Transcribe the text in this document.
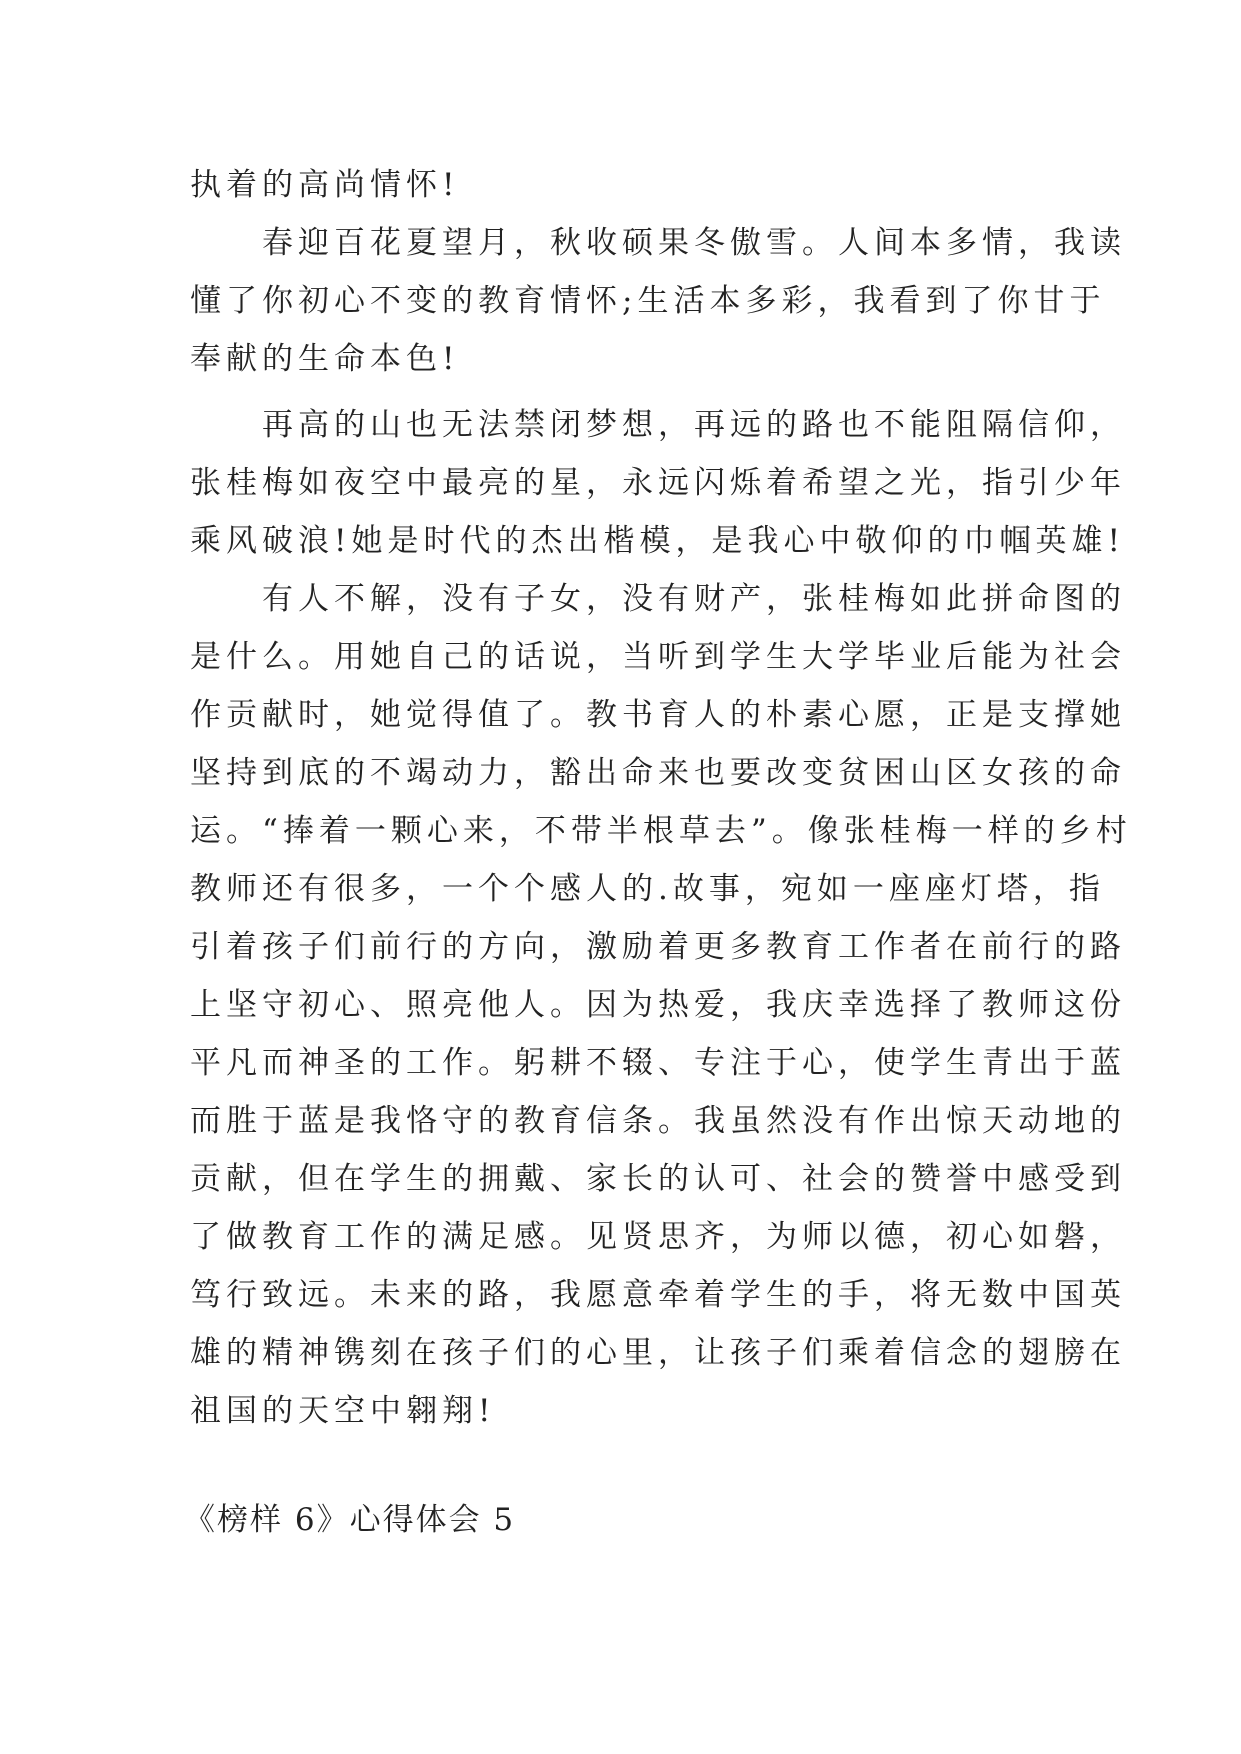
执着的高尚情怀!
　　春迎百花夏望月，秋收硕果冬傲雪。人间本多情，我读
懂了你初心不变的教育情怀;生活本多彩，我看到了你甘于
奉献的生命本色!
　　再高的山也无法禁闭梦想，再远的路也不能阻隔信仰，
张桂梅如夜空中最亮的星，永远闪烁着希望之光，指引少年
乘风破浪!她是时代的杰出楷模，是我心中敬仰的巾帼英雄!
　　有人不解，没有子女，没有财产，张桂梅如此拼命图的
是什么。用她自己的话说，当听到学生大学毕业后能为社会
作贡献时，她觉得值了。教书育人的朴素心愿，正是支撑她
坚持到底的不竭动力，豁出命来也要改变贫困山区女孩的命
运。“捧着一颗心来，不带半根草去”。像张桂梅一样的乡村
教师还有很多，一个个感人的.故事，宛如一座座灯塔，指
引着孩子们前行的方向，激励着更多教育工作者在前行的路
上坚守初心、照亮他人。因为热爱，我庆幸选择了教师这份
平凡而神圣的工作。躬耕不辍、专注于心，使学生青出于蓝
而胜于蓝是我恪守的教育信条。我虽然没有作出惊天动地的
贡献，但在学生的拥戴、家长的认可、社会的赞誉中感受到
了做教育工作的满足感。见贤思齐，为师以德，初心如磐，
笃行致远。未来的路，我愿意牵着学生的手，将无数中国英
雄的精神镌刻在孩子们的心里，让孩子们乘着信念的翅膀在
祖国的天空中翱翔!
《榜样 6》心得体会 5
